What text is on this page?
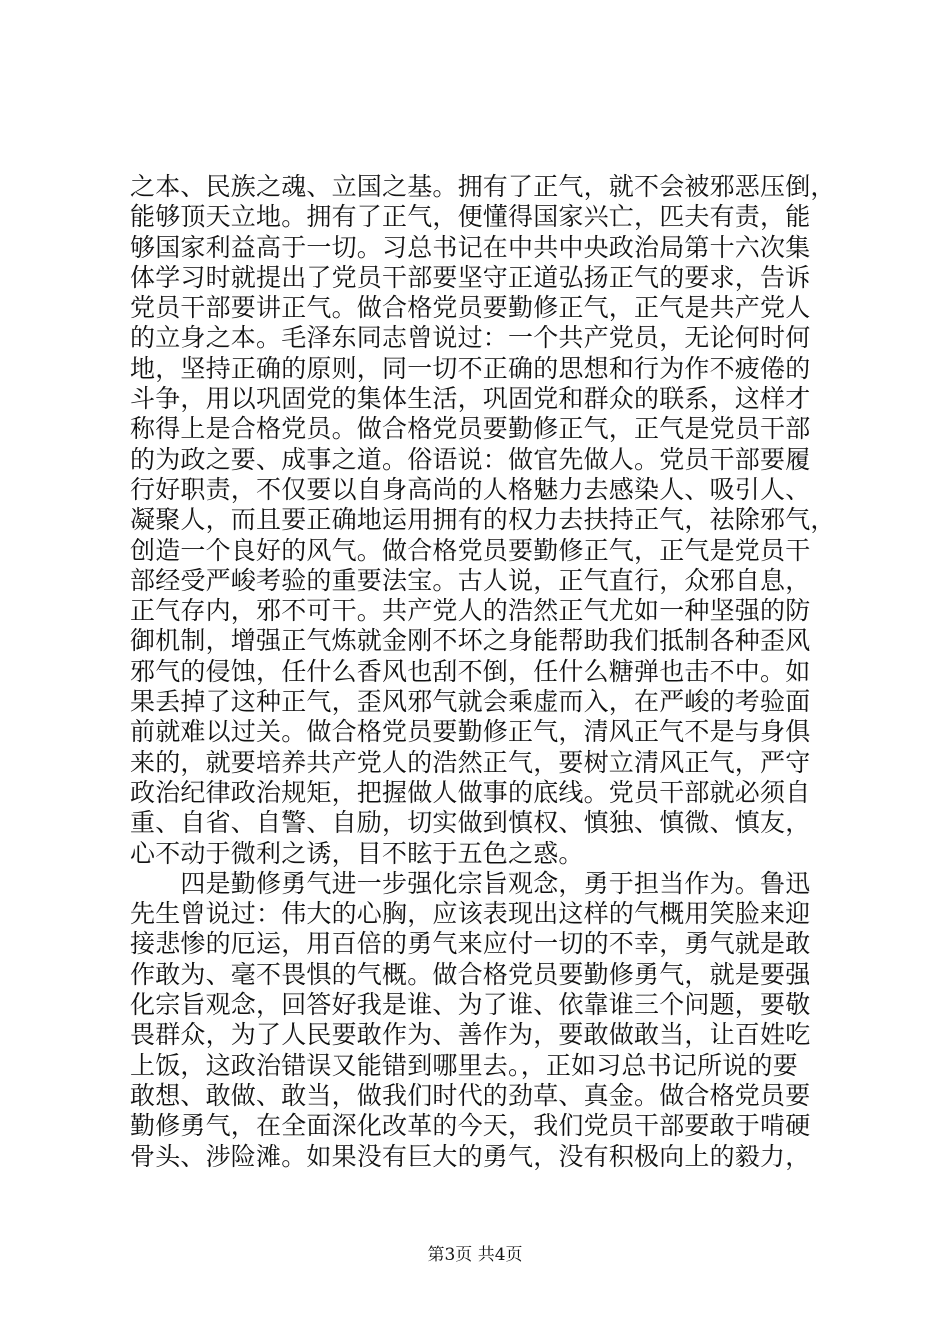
之本、民族之魂、立国之基。拥有了正气，就不会被邪恶压倒，
能够顶天立地。拥有了正气，便懂得国家兴亡，匹夫有责，能
够国家利益高于一切。习总书记在中共中央政治局第十六次集
体学习时就提出了党员干部要坚守正道弘扬正气的要求，告诉
党员干部要讲正气。做合格党员要勤修正气，正气是共产党人
的立身之本。毛泽东同志曾说过：一个共产党员，无论何时何
地，坚持正确的原则，同一切不正确的思想和行为作不疲倦的
斗争，用以巩固党的集体生活，巩固党和群众的联系，这样才
称得上是合格党员。做合格党员要勤修正气，正气是党员干部
的为政之要、成事之道。俗语说：做官先做人。党员干部要履
行好职责，不仅要以自身高尚的人格魅力去感染人、吸引人、
凝聚人，而且要正确地运用拥有的权力去扶持正气，祛除邪气，
创造一个良好的风气。做合格党员要勤修正气，正气是党员干
部经受严峻考验的重要法宝。古人说，正气直行，众邪自息，
正气存内，邪不可干。共产党人的浩然正气尤如一种坚强的防
御机制，增强正气炼就金刚不坏之身能帮助我们抵制各种歪风
邪气的侵蚀，任什么香风也刮不倒，任什么糖弹也击不中。如
果丢掉了这种正气，歪风邪气就会乘虚而入，在严峻的考验面
前就难以过关。做合格党员要勤修正气，清风正气不是与身俱
来的，就要培养共产党人的浩然正气，要树立清风正气，严守
政治纪律政治规矩，把握做人做事的底线。党员干部就必须自
重、自省、自警、自励，切实做到慎权、慎独、慎微、慎友，
心不动于微利之诱，目不眩于五色之惑。
　　四是勤修勇气进一步强化宗旨观念，勇于担当作为。鲁迅
先生曾说过：伟大的心胸，应该表现出这样的气概用笑脸来迎
接悲惨的厄运，用百倍的勇气来应付一切的不幸，勇气就是敢
作敢为、毫不畏惧的气概。做合格党员要勤修勇气，就是要强
化宗旨观念，回答好我是谁、为了谁、依靠谁三个问题，要敬
畏群众，为了人民要敢作为、善作为，要敢做敢当，让百姓吃
上饭，这政治错误又能错到哪里去。，正如习总书记所说的要
敢想、敢做、敢当，做我们时代的劲草、真金。做合格党员要
勤修勇气，在全面深化改革的今天，我们党员干部要敢于啃硬
骨头、涉险滩。如果没有巨大的勇气，没有积极向上的毅力，
第3页 共4页
